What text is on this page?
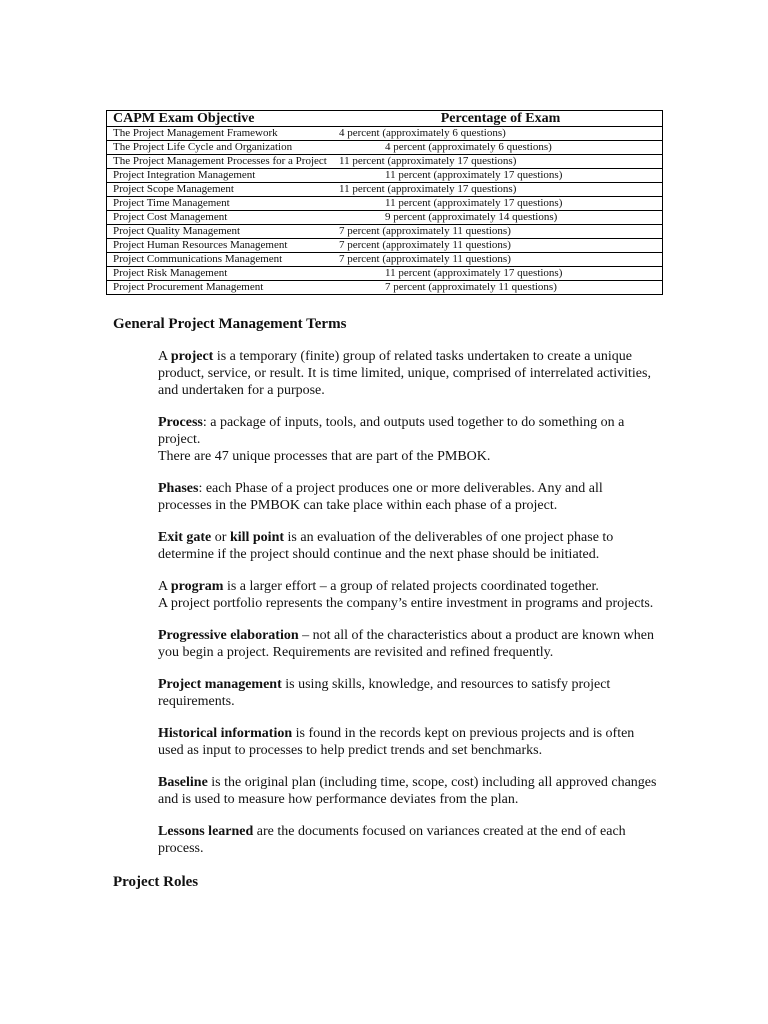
CAPM Exam Objective	Percentage of Exam
The Project Management Framework	4 percent (approximately 6 questions)
The Project Life Cycle and Organization	4 percent (approximately 6 questions)
The Project Management Processes for a Project	11 percent (approximately 17 questions)
Project Integration Management	11 percent (approximately 17 questions)
Project Scope Management	11 percent (approximately 17 questions)
Project Time Management	11 percent (approximately 17 questions)
Project Cost Management	9 percent (approximately 14 questions)
Project Quality Management	7 percent (approximately 11 questions)
Project Human Resources Management	7 percent (approximately 11 questions)
Project Communications Management	7 percent (approximately 11 questions)
Project Risk Management	11 percent (approximately 17 questions)
Project Procurement Management	7 percent (approximately 11 questions)
General Project Management Terms

A project is a temporary (finite) group of related tasks undertaken to create a unique product, service, or result. It is time limited, unique, comprised of interrelated activities, and undertaken for a purpose.

Process: a package of inputs, tools, and outputs used together to do something on a project.
There are 47 unique processes that are part of the PMBOK.

Phases: each Phase of a project produces one or more deliverables. Any and all processes in the PMBOK can take place within each phase of a project.

Exit gate or kill point is an evaluation of the deliverables of one project phase to determine if the project should continue and the next phase should be initiated.

A program is a larger effort – a group of related projects coordinated together.
A project portfolio represents the company’s entire investment in programs and projects.

Progressive elaboration – not all of the characteristics about a product are known when you begin a project. Requirements are revisited and refined frequently.

Project management is using skills, knowledge, and resources to satisfy project requirements.

Historical information is found in the records kept on previous projects and is often used as input to processes to help predict trends and set benchmarks.

Baseline is the original plan (including time, scope, cost) including all approved changes and is used to measure how performance deviates from the plan.

Lessons learned are the documents focused on variances created at the end of each process.

Project Roles
